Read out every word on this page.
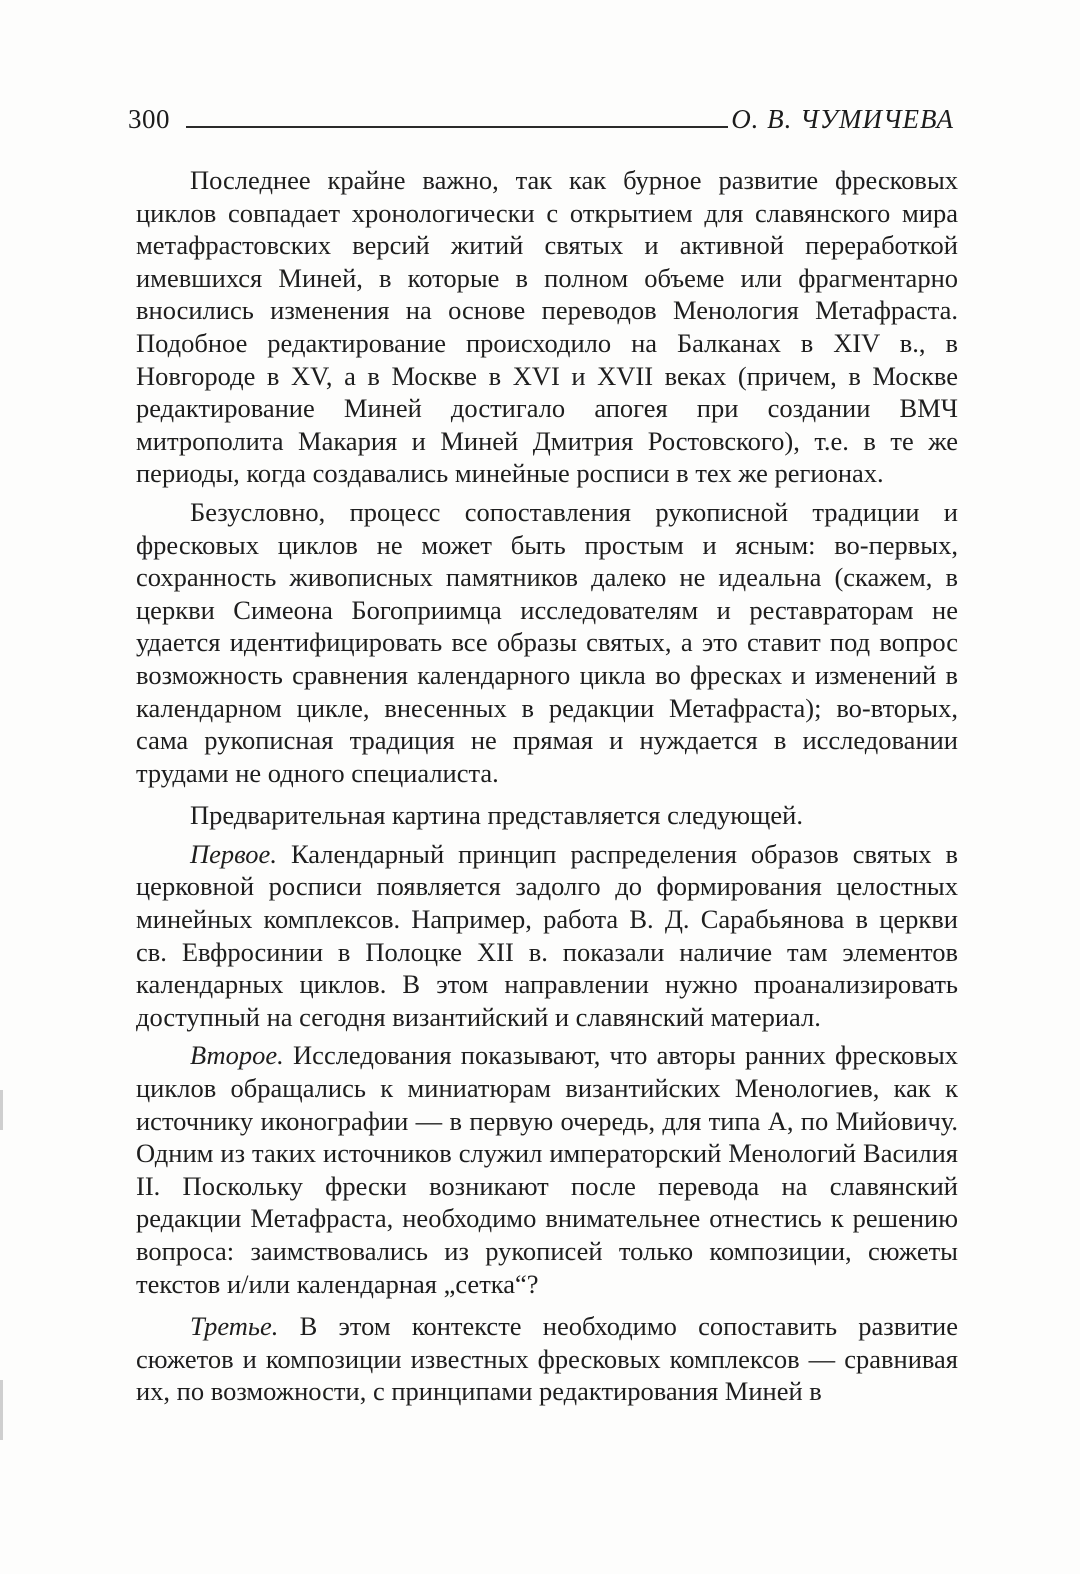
300	О. В. ЧУМИЧЕВА

Последнее крайне важно, так как бурное развитие фресковых циклов совпадает хронологически с открытием для славянского мира метафрастовских версий житий святых и активной переработкой имевшихся Миней, в которые в полном объеме или фрагментарно вносились изменения на основе переводов Менология Метафраста. Подобное редактирование происходило на Балканах в XIV в., в Новгороде в XV, а в Москве в XVI и XVII веках (причем, в Москве редактирование Миней достигало апогея при создании ВМЧ митрополита Макария и Миней Дмитрия Ростовского), т.е. в те же периоды, когда создавались минейные росписи в тех же регионах.

Безусловно, процесс сопоставления рукописной традиции и фресковых циклов не может быть простым и ясным: во-первых, сохранность живописных памятников далеко не идеальна (скажем, в церкви Симеона Богоприимца исследователям и реставраторам не удается идентифицировать все образы святых, а это ставит под вопрос возможность сравнения календарного цикла во фресках и изменений в календарном цикле, внесенных в редакции Метафраста); во-вторых, сама рукописная традиция не прямая и нуждается в исследовании трудами не одного специалиста.

Предварительная картина представляется следующей.

Первое. Календарный принцип распределения образов святых в церковной росписи появляется задолго до формирования целостных минейных комплексов. Например, работа В. Д. Сарабьянова в церкви св. Евфросинии в Полоцке XII в. показали наличие там элементов календарных циклов. В этом направлении нужно проанализировать доступный на сегодня византийский и славянский материал.

Второе. Исследования показывают, что авторы ранних фресковых циклов обращались к миниатюрам византийских Менологиев, как к источнику иконографии — в первую очередь, для типа А, по Мийовичу. Одним из таких источников служил императорский Менологий Василия II. Поскольку фрески возникают после перевода на славянский редакции Метафраста, необходимо внимательнее отнестись к решению вопроса: заимствовались из рукописей только композиции, сюжеты текстов и/или календарная „сетка“?

Третье. В этом контексте необходимо сопоставить развитие сюжетов и композиции известных фресковых комплексов — сравнивая их, по возможности, с принципами редактирования Миней в
